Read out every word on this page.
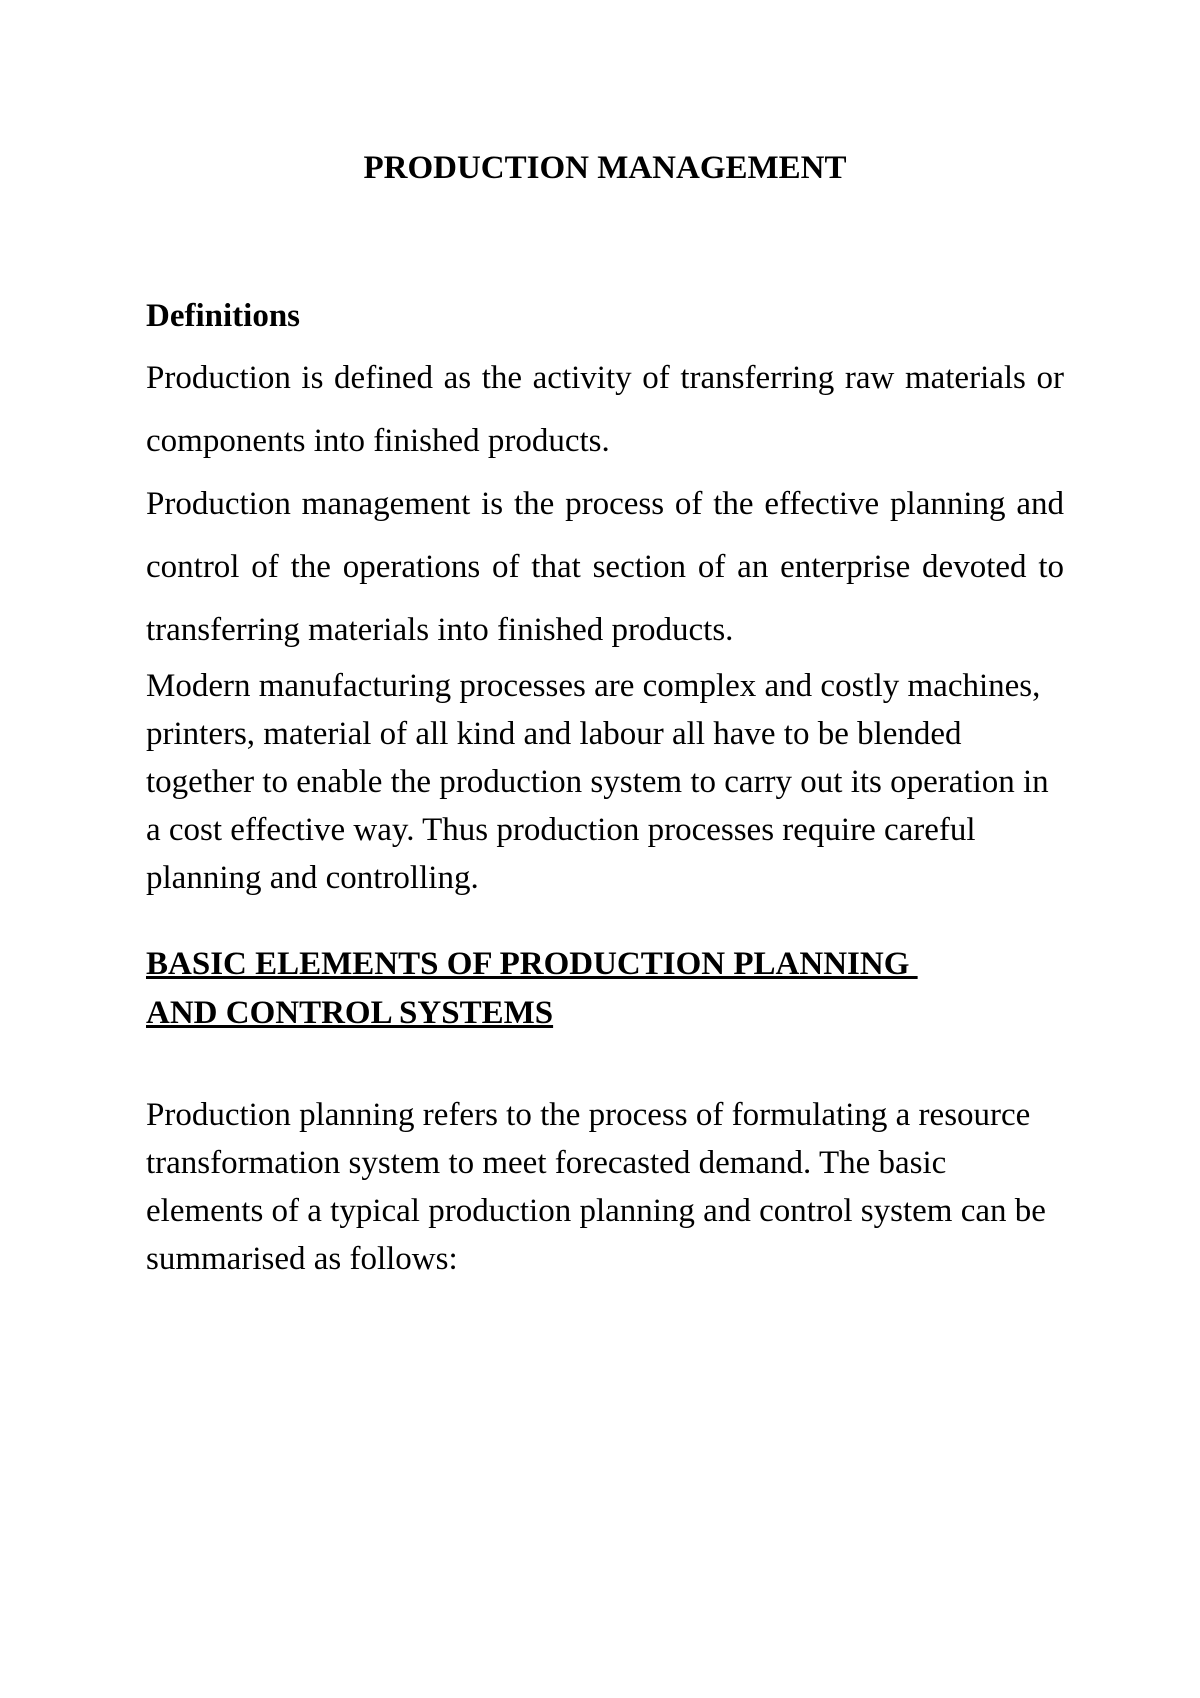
PRODUCTION MANAGEMENT

Definitions

Production is defined as the activity of transferring raw materials or components into finished products.

Production management is the process of the effective planning and control of the operations of that section of an enterprise devoted to transferring materials into finished products.

Modern manufacturing processes are complex and costly machines, printers, material of all kind and labour all have to be blended together to enable the production system to carry out its operation in a cost effective way. Thus production processes require careful planning and controlling.

BASIC ELEMENTS OF PRODUCTION PLANNING
AND CONTROL SYSTEMS

Production planning refers to the process of formulating a resource transformation system to meet forecasted demand. The basic elements of a typical production planning and control system can be summarised as follows:
